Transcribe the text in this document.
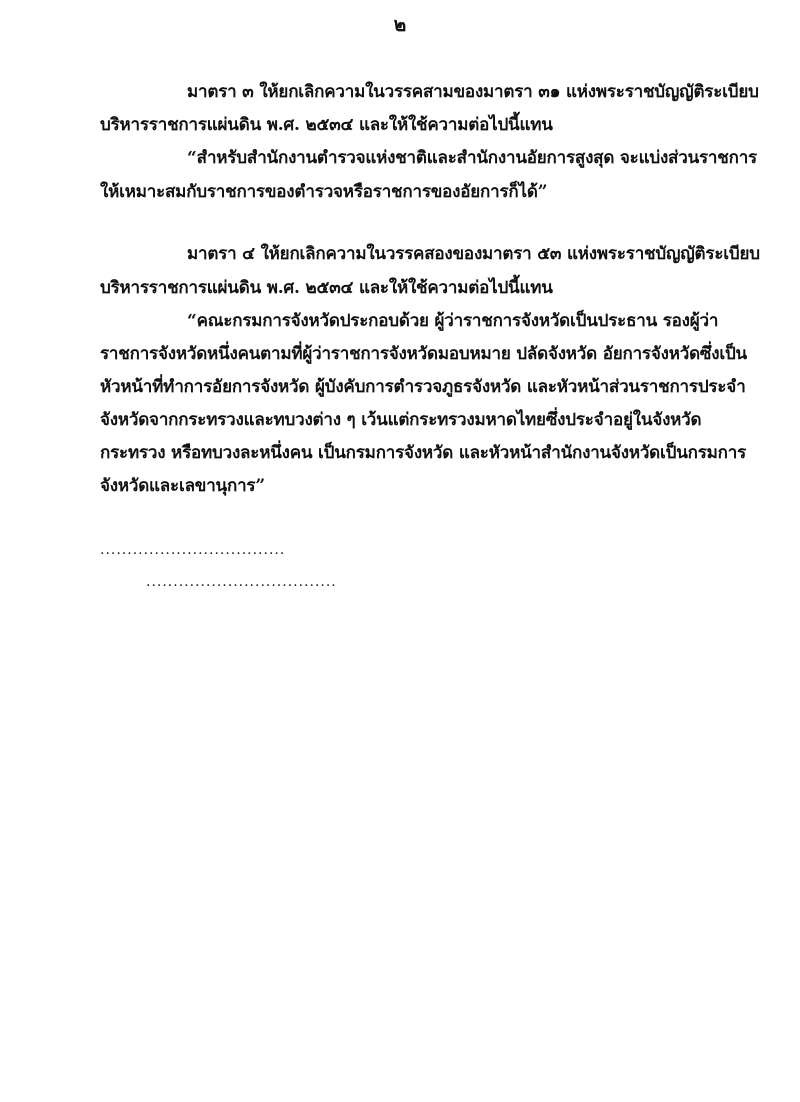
๒
มาตรา ๓ ให้ยกเลิกความในวรรคสามของมาตรา ๓๑ แห่งพระราชบัญญัติระเบียบ
บริหารราชการแผ่นดิน พ.ศ. ๒๕๓๔ และให้ใช้ความต่อไปนี้แทน
“สำหรับสำนักงานตำรวจแห่งชาติและสำนักงานอัยการสูงสุด จะแบ่งส่วนราชการ
ให้เหมาะสมกับราชการของตำรวจหรือราชการของอัยการก็ได้”
มาตรา ๔ ให้ยกเลิกความในวรรคสองของมาตรา ๕๓ แห่งพระราชบัญญัติระเบียบ
บริหารราชการแผ่นดิน พ.ศ. ๒๕๓๔ และให้ใช้ความต่อไปนี้แทน
“คณะกรมการจังหวัดประกอบด้วย ผู้ว่าราชการจังหวัดเป็นประธาน รองผู้ว่า
ราชการจังหวัดหนึ่งคนตามที่ผู้ว่าราชการจังหวัดมอบหมาย ปลัดจังหวัด อัยการจังหวัดซึ่งเป็น
หัวหน้าที่ทำการอัยการจังหวัด ผู้บังคับการตำรวจภูธรจังหวัด และหัวหน้าส่วนราชการประจำ
จังหวัดจากกระทรวงและทบวงต่าง ๆ เว้นแต่กระทรวงมหาดไทยซึ่งประจำอยู่ในจังหวัด
กระทรวง หรือทบวงละหนึ่งคน เป็นกรมการจังหวัด และหัวหน้าสำนักงานจังหวัดเป็นกรมการ
จังหวัดและเลขานุการ”
..................................
...................................
